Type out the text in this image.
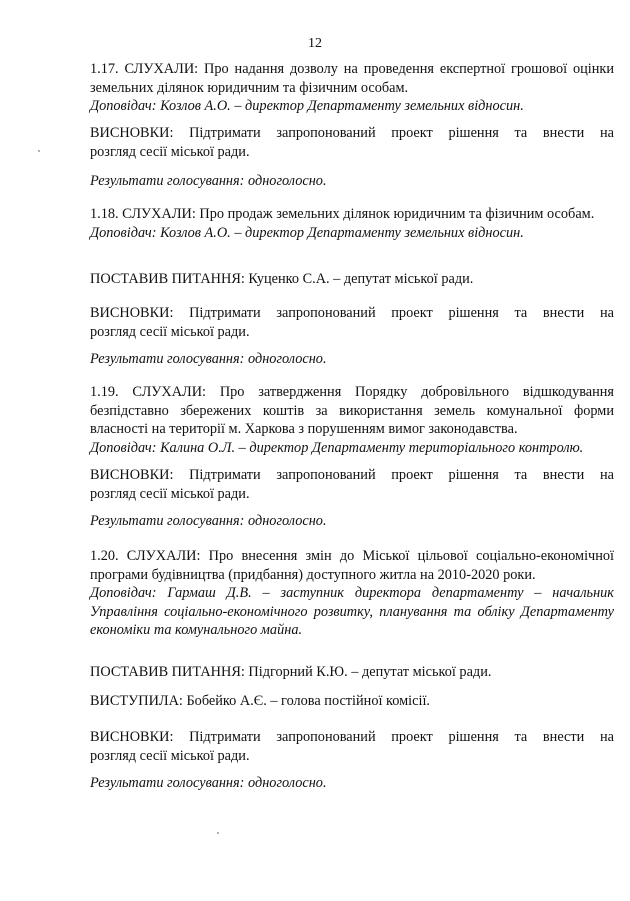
12

1.17. СЛУХАЛИ: Про надання дозволу на проведення експертної грошової оцінки земельних ділянок юридичним та фізичним особам.

Доповідач: Козлов А.О. – директор Департаменту земельних відносин.

ВИСНОВКИ: Підтримати запропонований проект рішення та внести на

розгляд сесії міської ради.

Результати голосування: одноголосно.

1.18. СЛУХАЛИ: Про продаж земельних ділянок юридичним та фізичним особам.

Доповідач: Козлов А.О. – директор Департаменту земельних відносин.

ПОСТАВИВ ПИТАННЯ: Куценко С.А. – депутат міської ради.

ВИСНОВКИ: Підтримати запропонований проект рішення та внести на

розгляд сесії міської ради.

Результати голосування: одноголосно.

1.19. СЛУХАЛИ: Про затвердження Порядку добровільного відшкодування безпідставно збережених коштів за використання земель комунальної форми власності на території м. Харкова з порушенням вимог законодавства.

Доповідач: Калина О.Л. – директор Департаменту територіального контролю.

ВИСНОВКИ: Підтримати запропонований проект рішення та внести на

розгляд сесії міської ради.

Результати голосування: одноголосно.

1.20. СЛУХАЛИ: Про внесення змін до Міської цільової соціально-економічної програми будівництва (придбання) доступного житла на 2010-2020 роки.

Доповідач: Гармаш Д.В. – заступник директора департаменту – начальник Управління соціально-економічного розвитку, планування та обліку Департаменту економіки та комунального майна.

ПОСТАВИВ ПИТАННЯ: Підгорний К.Ю. – депутат міської ради.

ВИСТУПИЛА: Бобейко А.Є. – голова постійної комісії.

ВИСНОВКИ: Підтримати запропонований проект рішення та внести на

розгляд сесії міської ради.

Результати голосування: одноголосно.
